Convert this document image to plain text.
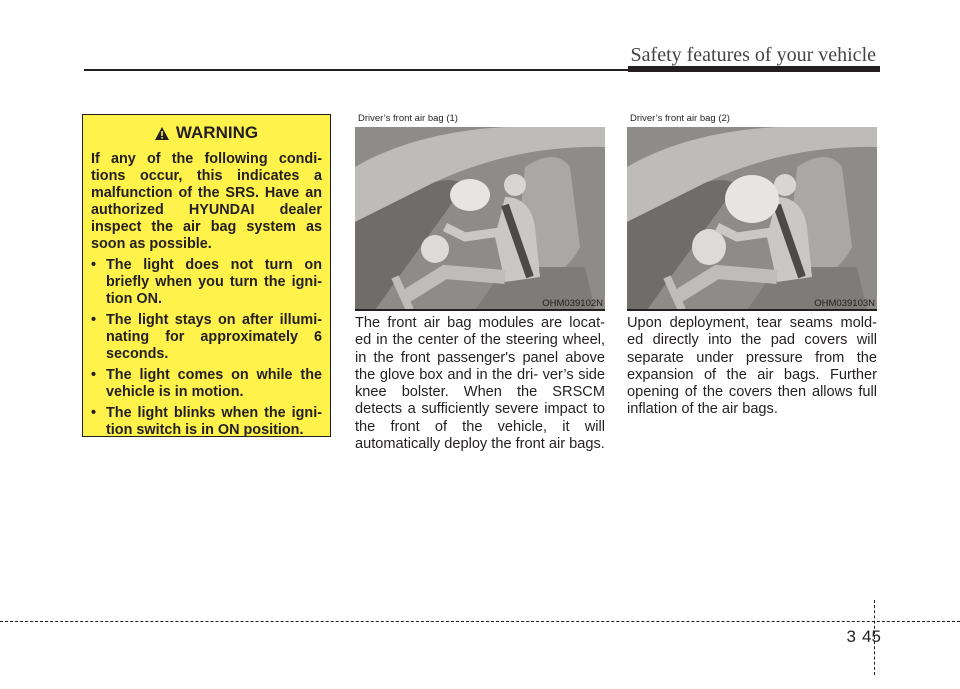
Safety features of your vehicle
WARNING
If any of the following condi- tions occur, this indicates a malfunction of the SRS. Have an authorized HYUNDAI dealer inspect the air bag system as soon as possible.
• The light does not turn on briefly when you turn the igni- tion ON.
• The light stays on after illumi- nating for approximately 6 seconds.
• The light comes on while the vehicle is in motion.
• The light blinks when the igni- tion switch is in ON position.
Driver’s front air bag (1)
OHM039102N
Driver’s front air bag (2)
OHM039103N
The front air bag modules are locat- ed in the center of the steering wheel, in the front passenger's panel above the glove box and in the dri- ver’s side knee bolster. When the SRSCM detects a sufficiently severe impact to the front of the vehicle, it will automatically deploy the front air bags.
Upon deployment, tear seams mold- ed directly into the pad covers will separate under pressure from the expansion of the air bags. Further opening of the covers then allows full inflation of the air bags.
3 45
